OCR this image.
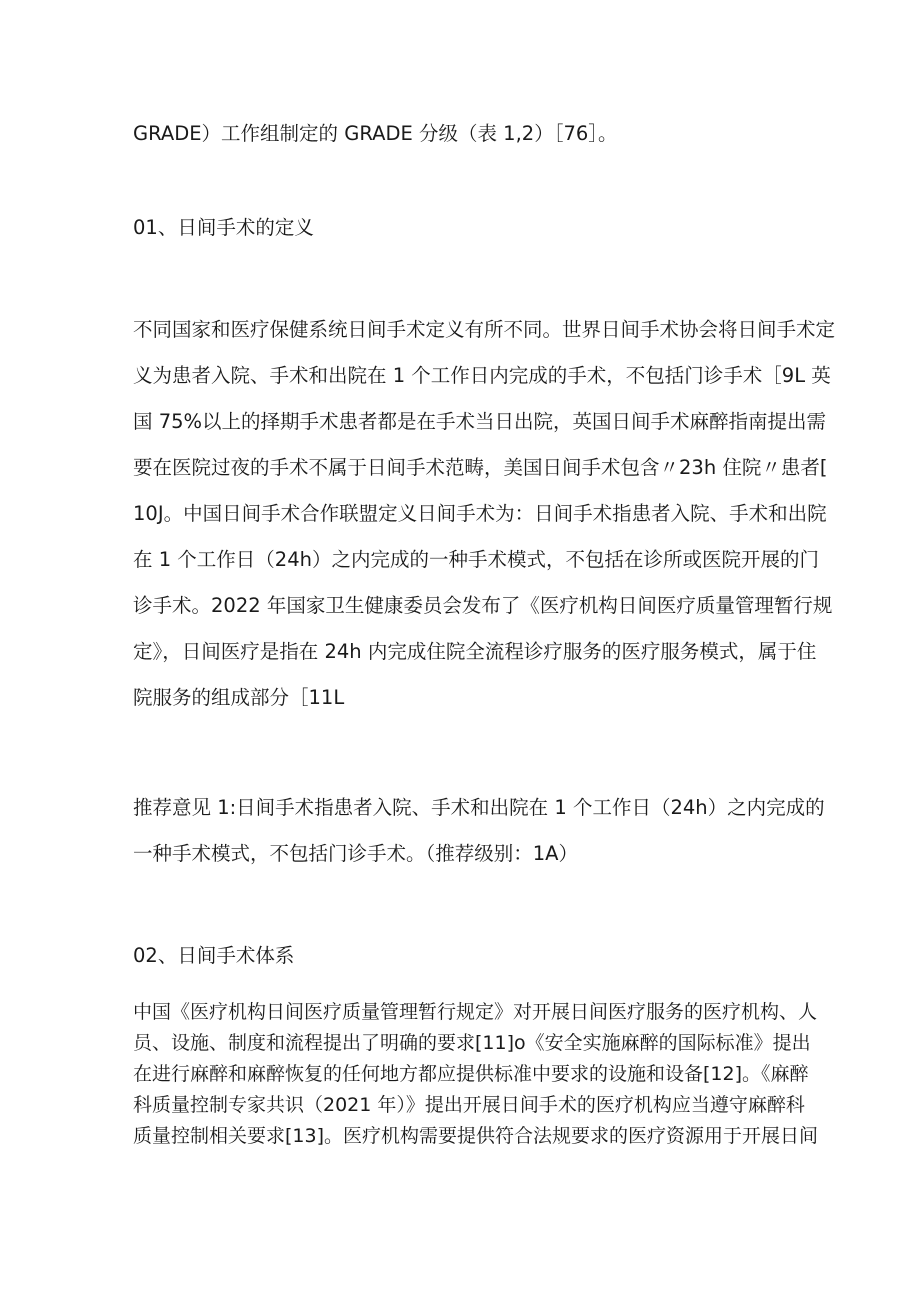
GRADE）工作组制定的 GRADE 分级（表 1,2）［76］。
01、日间手术的定义
不同国家和医疗保健系统日间手术定义有所不同。世界日间手术协会将日间手术定
义为患者入院、手术和出院在 1 个工作日内完成的手术，不包括门诊手术［9L 英
国 75%以上的择期手术患者都是在手术当日出院，英国日间手术麻醉指南提出需
要在医院过夜的手术不属于日间手术范畴，美国日间手术包含〃23h 住院〃患者[
10J。中国日间手术合作联盟定义日间手术为：日间手术指患者入院、手术和出院
在 1 个工作日（24h）之内完成的一种手术模式，不包括在诊所或医院开展的门
诊手术。2022 年国家卫生健康委员会发布了《医疗机构日间医疗质量管理暂行规
定》，日间医疗是指在 24h 内完成住院全流程诊疗服务的医疗服务模式，属于住
院服务的组成部分［11L
推荐意见 1:日间手术指患者入院、手术和出院在 1 个工作日（24h）之内完成的
一种手术模式，不包括门诊手术。（推荐级别：1A）
02、日间手术体系
中国《医疗机构日间医疗质量管理暂行规定》对开展日间医疗服务的医疗机构、人
员、设施、制度和流程提出了明确的要求[11]o《安全实施麻醉的国际标准》提出
在进行麻醉和麻醉恢复的任何地方都应提供标准中要求的设施和设备[12]。《麻醉
科质量控制专家共识（2021 年）》提出开展日间手术的医疗机构应当遵守麻醉科
质量控制相关要求[13]。医疗机构需要提供符合法规要求的医疗资源用于开展日间
